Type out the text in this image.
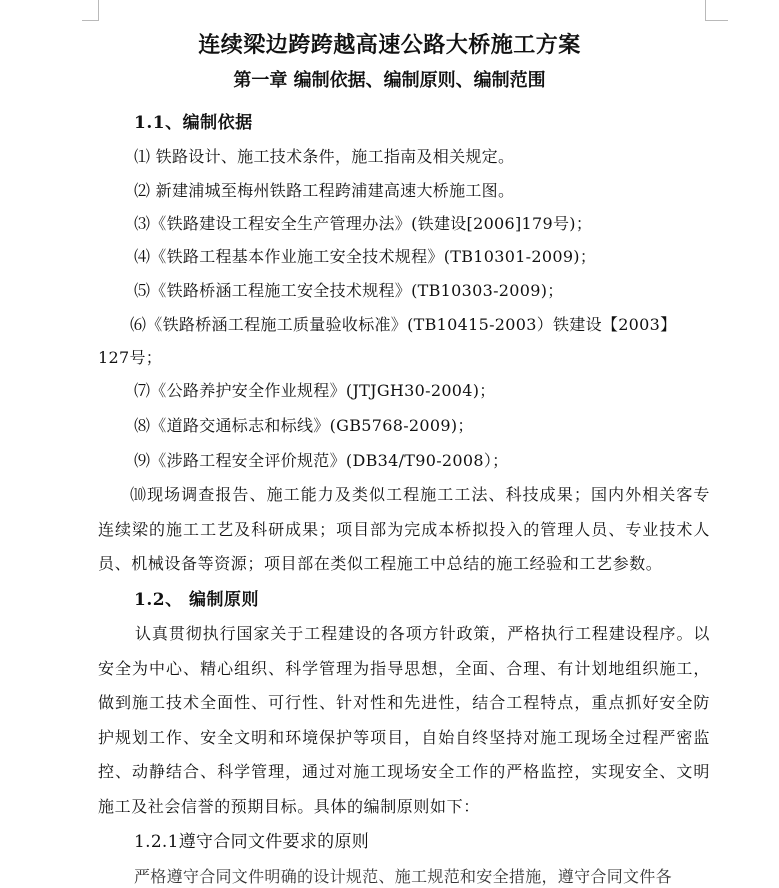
连续梁边跨跨越高速公路大桥施工方案
第一章 编制依据、编制原则、编制范围
1.1、编制依据
⑴ 铁路设计、施工技术条件，施工指南及相关规定。
⑵ 新建浦城至梅州铁路工程跨浦建高速大桥施工图。
⑶《铁路建设工程安全生产管理办法》(铁建设[2006]179号)；
⑷《铁路工程基本作业施工安全技术规程》(TB10301-2009)；
⑸《铁路桥涵工程施工安全技术规程》(TB10303-2009)；
⑹《铁路桥涵工程施工质量验收标准》(TB10415-2003）铁建设【2003】
127号；
⑺《公路养护安全作业规程》(JTJGH30-2004)；
⑻《道路交通标志和标线》(GB5768-2009)；
⑼《涉路工程安全评价规范》(DB34/T90-2008）；
⑽现场调查报告、施工能力及类似工程施工工法、科技成果；国内外相关客专连续梁的施工工艺及科研成果；项目部为完成本桥拟投入的管理人员、专业技术人员、机械设备等资源；项目部在类似工程施工中总结的施工经验和工艺参数。
1.2、 编制原则
认真贯彻执行国家关于工程建设的各项方针政策，严格执行工程建设程序。以安全为中心、精心组织、科学管理为指导思想，全面、合理、有计划地组织施工，做到施工技术全面性、可行性、针对性和先进性，结合工程特点，重点抓好安全防护规划工作、安全文明和环境保护等项目，自始自终坚持对施工现场全过程严密监控、动静结合、科学管理，通过对施工现场安全工作的严格监控，实现安全、文明施工及社会信誉的预期目标。具体的编制原则如下：
1.2.1遵守合同文件要求的原则
严格遵守合同文件明确的设计规范、施工规范和安全措施，遵守合同文件各
